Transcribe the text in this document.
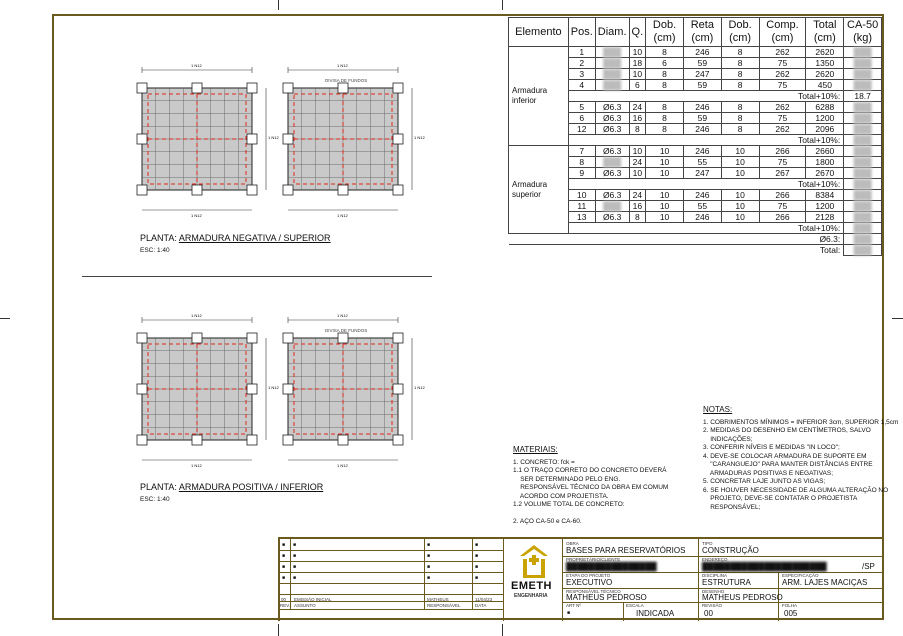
Elemento	Pos.	Diam.	Q.	Dob. (cm)	Reta (cm)	Dob. (cm)	Comp. (cm)	Total (cm)	CA-50 (kg)
Armadura inferior	1	███	10	8	246	8	262	2620	███
	2	███	18	6	59	8	75	1350	███
	3	███	10	8	247	8	262	2620	███
	4	███	6	8	59	8	75	450	███
	Total+10%:								18.7
	5	Ø6.3	24	8	246	8	262	6288	███
	6	Ø6.3	16	8	59	8	75	1200	███
	12	Ø6.3	8	8	246	8	262	2096	███
	Total+10%:								███
Armadura superior	7	Ø6.3	10	10	246	10	266	2660	███
	8	███	24	10	55	10	75	1800	███
	9	Ø6.3	10	10	247	10	267	2670	███
	Total+10%:								███
	10	Ø6.3	24	10	246	10	266	8384	███
	11	███	16	10	55	10	75	1200	███
	13	Ø6.3	8	10	246	10	266	2128	███
	Total+10%:								███
Ø6.3:									███
Total:									███
1 N12
1 N12
1 N12
1 N12
1 N12
DIVISA DE FUNDOS
1 N12
PLANTA: ARMADURA NEGATIVA / SUPERIOR
ESC: 1:40
1 N12
1 N12
1 N12
1 N12
1 N12
DIVISA DE FUNDOS
1 N12
PLANTA: ARMADURA POSITIVA / INFERIOR
ESC: 1:40
NOTAS:
1. COBRIMENTOS MÍNIMOS = INFERIOR 3cm, SUPERIOR 1,5cm
2. MEDIDAS DO DESENHO EM CENTÍMETROS, SALVO
INDICAÇÕES;
3. CONFERIR NÍVEIS E MEDIDAS "IN LOCO";
4. DEVE-SE COLOCAR ARMADURA DE SUPORTE EM
"CARANGUEJO" PARA MANTER DISTÂNCIAS ENTRE
ARMADURAS POSITIVAS E NEGATIVAS;
5. CONCRETAR LAJE JUNTO AS VIGAS;
6. SE HOUVER NECESSIDADE DE ALGUMA ALTERAÇÃO NO
PROJETO, DEVE-SE CONTATAR O PROJETISTA
RESPONSÁVEL;
MATERIAIS:
1. CONCRETO: fck =
1.1 O TRAÇO CORRETO DO CONCRETO DEVERÁ
SER DETERMINADO PELO ENG.
RESPONSÁVEL TÉCNICO DA OBRA EM COMUM
ACORDO COM PROJETISTA.
1.2 VOLUME TOTAL DE CONCRETO:
2. AÇO CA-50 e CA-60.
■ ■	■	■
■ ■	■	■
■ ■	■	■
■ ■	■	■
00 EMISSÃO INICIAL	MATHEUS	11/04/23
REV. ASSUNTO	RESPONSÁVEL	DATA
EMETH
ENGENHARIA
OBRA
BASES PARA RESERVATÓRIOS
TIPO
CONSTRUÇÃO
PROPRIETÁRIO/CLIENTE
████████████████
ENDEREÇO
██████████████████████	/SP
ETAPA DO PROJETO
EXECUTIVO
DISCIPLINA
ESTRUTURA
ESPECIFICAÇÃO
ARM. LAJES MACIÇAS
RESPONSÁVEL TÉCNICO
MATHEUS PEDROSO
DESENHO
MATHEUS PEDROSO
ART Nº
■
ESCALA
INDICADA
REVISÃO
00
FOLHA
005
